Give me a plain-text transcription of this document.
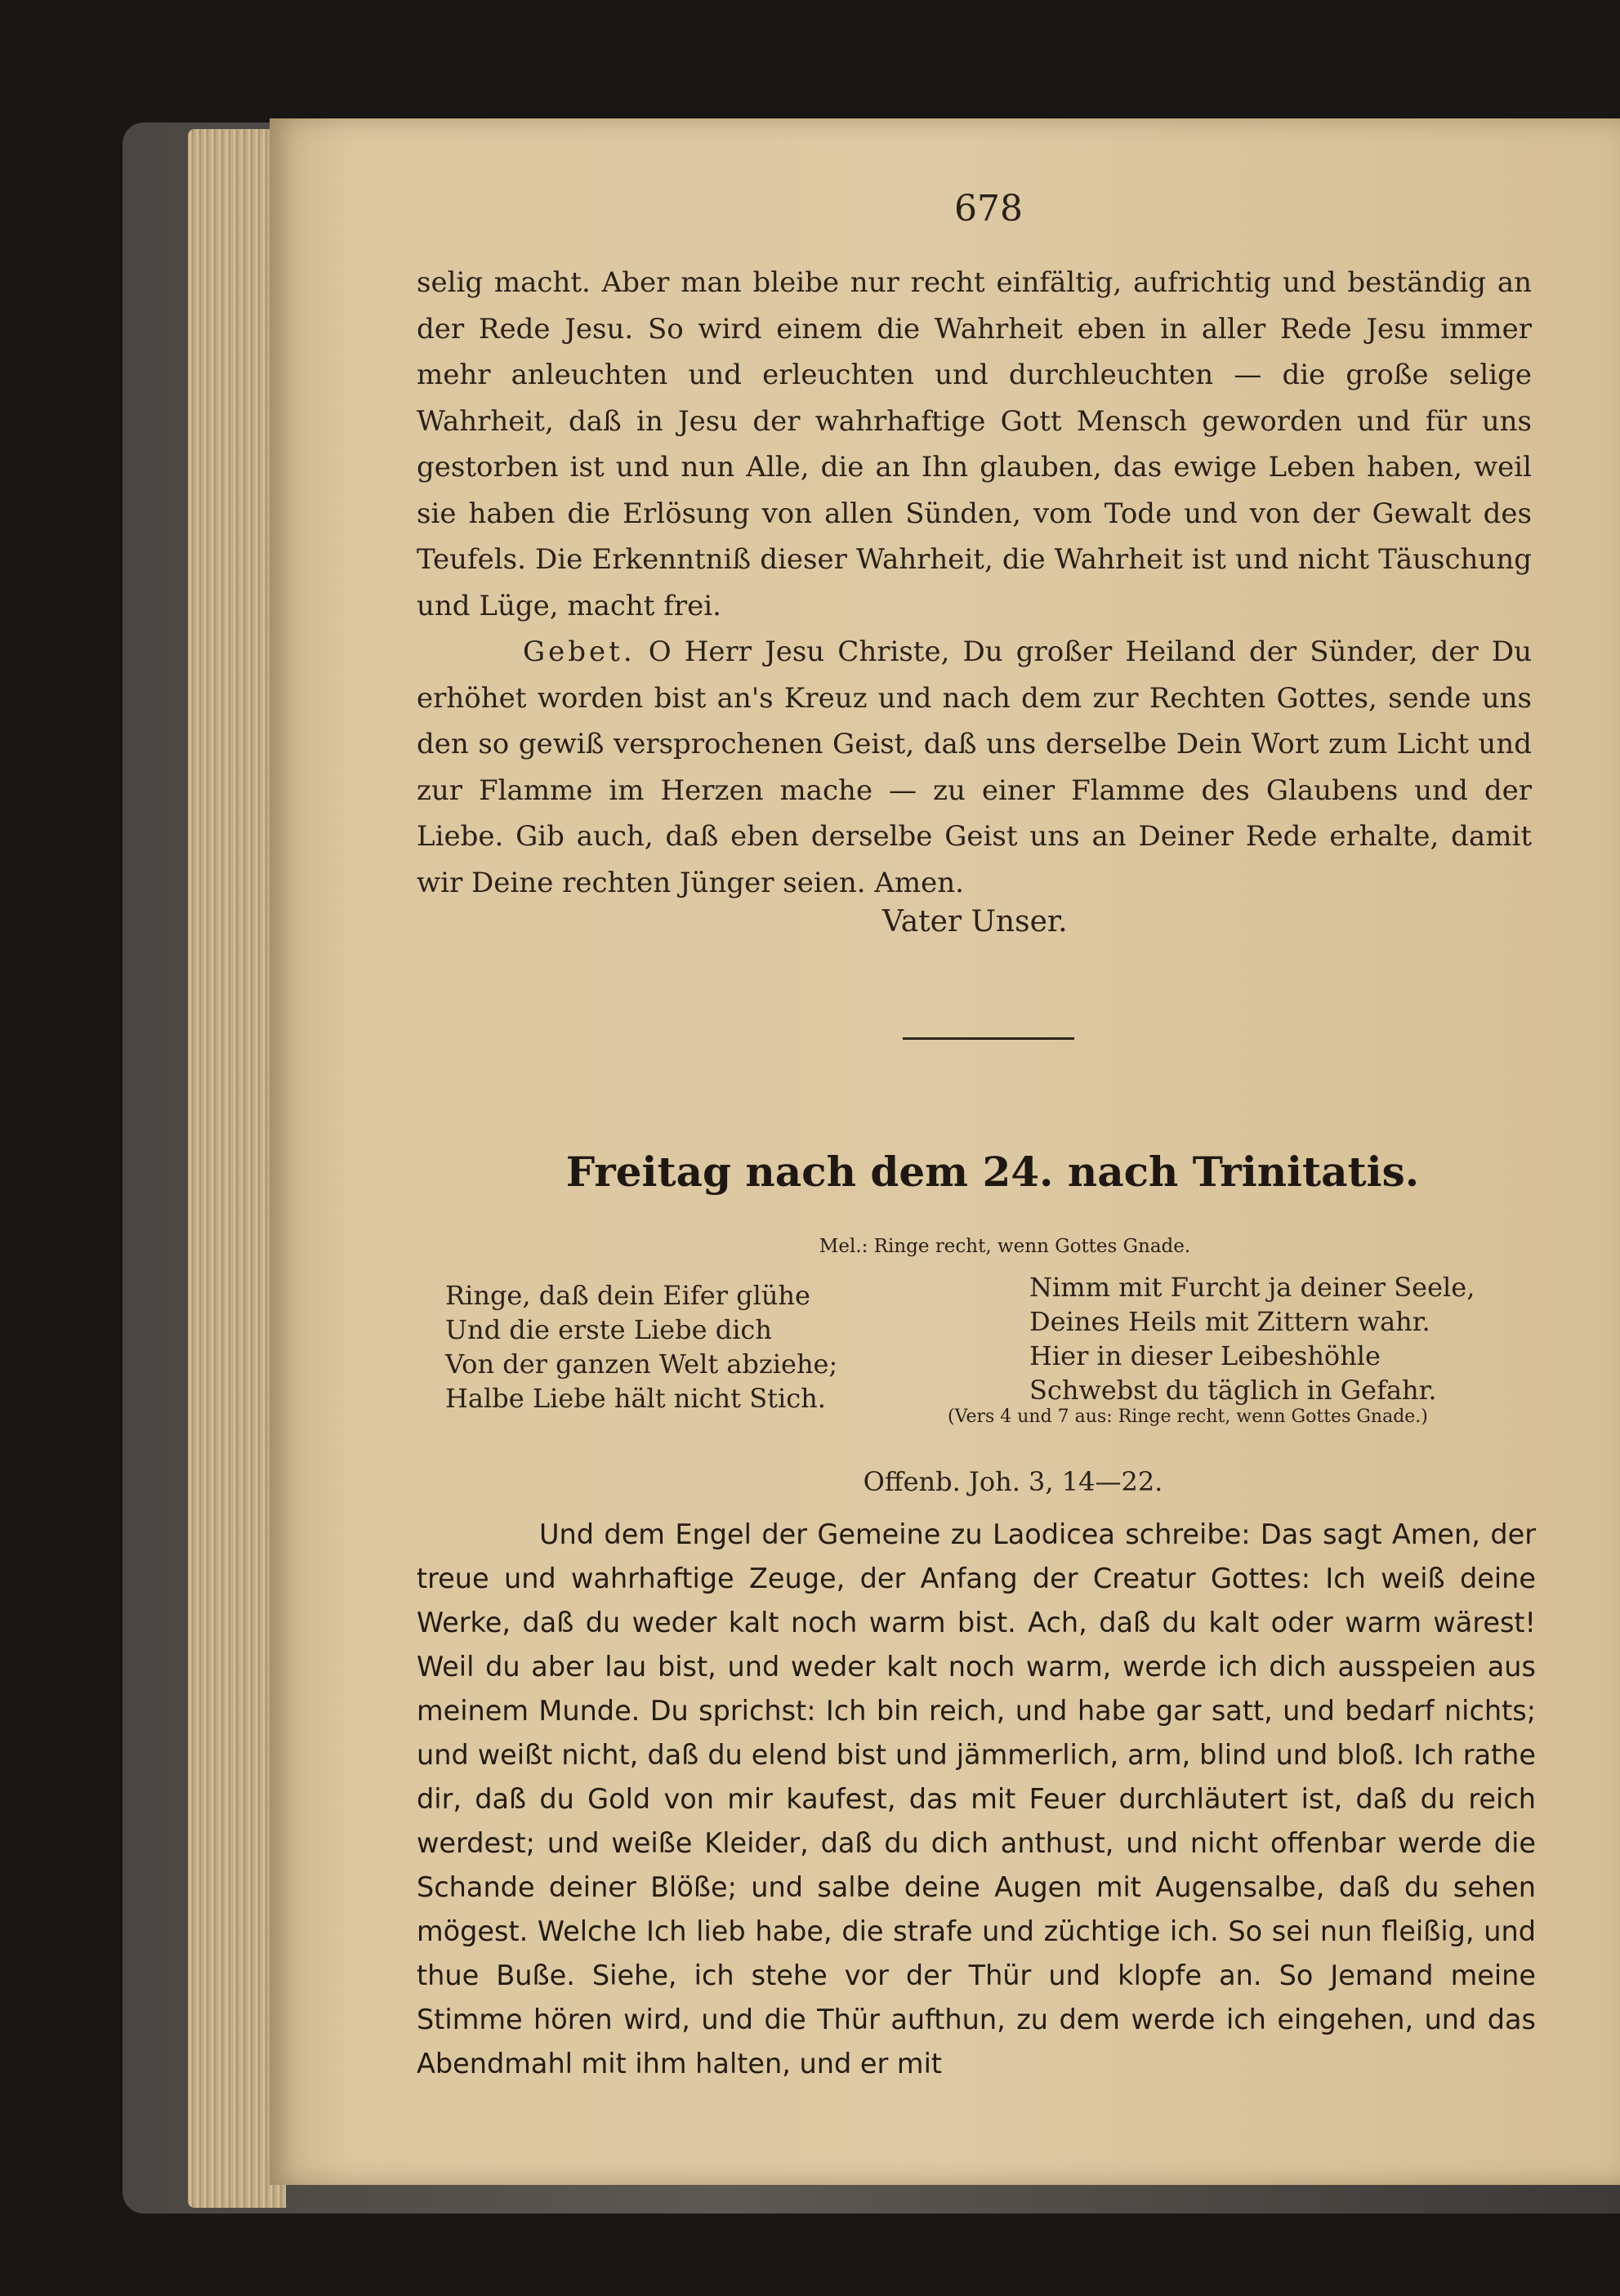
678

selig macht. Aber man bleibe nur recht einfältig, aufrichtig und beständig an der Rede Jesu. So wird einem die Wahrheit eben in aller Rede Jesu immer mehr anleuchten und erleuchten und durchleuchten — die große selige Wahrheit, daß in Jesu der wahrhaftige Gott Mensch geworden und für uns gestorben ist und nun Alle, die an Ihn glauben, das ewige Leben haben, weil sie haben die Erlösung von allen Sünden, vom Tode und von der Gewalt des Teufels. Die Erkenntniß dieser Wahrheit, die Wahrheit ist und nicht Täuschung und Lüge, macht frei.

Gebet. O Herr Jesu Christe, Du großer Heiland der Sünder, der Du erhöhet worden bist an's Kreuz und nach dem zur Rechten Gottes, sende uns den so gewiß versprochenen Geist, daß uns derselbe Dein Wort zum Licht und zur Flamme im Herzen mache — zu einer Flamme des Glaubens und der Liebe. Gib auch, daß eben derselbe Geist uns an Deiner Rede erhalte, damit wir Deine rechten Jünger seien. Amen.

Vater Unser.
Freitag nach dem 24. nach Trinitatis.
Mel.: Ringe recht, wenn Gottes Gnade.
Ringe, daß dein Eifer glühe
Und die erste Liebe dich
Von der ganzen Welt abziehe;
Halbe Liebe hält nicht Stich.
Nimm mit Furcht ja deiner Seele,
Deines Heils mit Zittern wahr.
Hier in dieser Leibeshöhle
Schwebst du täglich in Gefahr.
(Vers 4 und 7 aus: Ringe recht, wenn Gottes Gnade.)
Offenb. Joh. 3, 14—22.

Und dem Engel der Gemeine zu Laodicea schreibe: Das sagt Amen, der treue und wahrhaftige Zeuge, der Anfang der Creatur Gottes: Ich weiß deine Werke, daß du weder kalt noch warm bist. Ach, daß du kalt oder warm wärest! Weil du aber lau bist, und weder kalt noch warm, werde ich dich ausspeien aus meinem Munde. Du sprichst: Ich bin reich, und habe gar satt, und bedarf nichts; und weißt nicht, daß du elend bist und jämmerlich, arm, blind und bloß. Ich rathe dir, daß du Gold von mir kaufest, das mit Feuer durchläutert ist, daß du reich werdest; und weiße Kleider, daß du dich anthust, und nicht offenbar werde die Schande deiner Blöße; und salbe deine Augen mit Augensalbe, daß du sehen mögest. Welche Ich lieb habe, die strafe und züchtige ich. So sei nun fleißig, und thue Buße. Siehe, ich stehe vor der Thür und klopfe an. So Jemand meine Stimme hören wird, und die Thür aufthun, zu dem werde ich eingehen, und das Abendmahl mit ihm halten, und er mit
